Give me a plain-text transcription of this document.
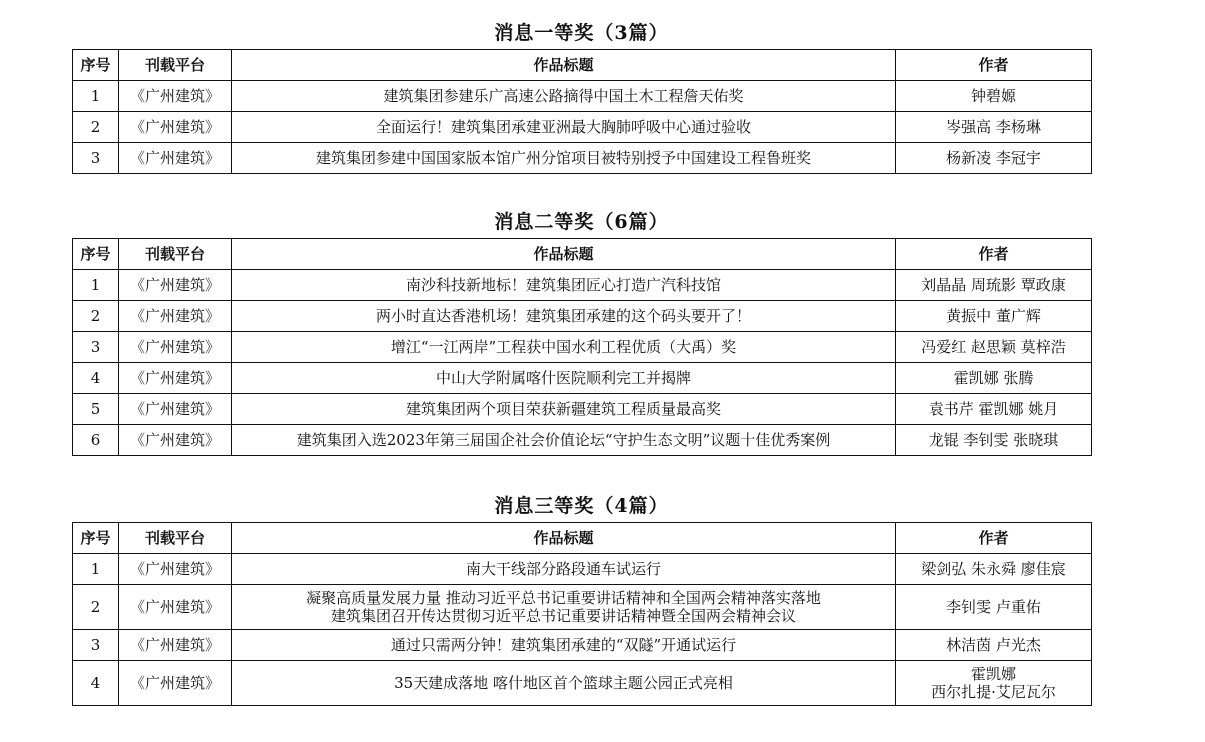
消息一等奖（3篇）
序号	刊载平台	作品标题	作者
1	《广州建筑》	建筑集团参建乐广高速公路摘得中国土木工程詹天佑奖	钟碧嫄
2	《广州建筑》	全面运行！建筑集团承建亚洲最大胸肺呼吸中心通过验收	岑强高 李杨琳
3	《广州建筑》	建筑集团参建中国国家版本馆广州分馆项目被特别授予中国建设工程鲁班奖	杨新凌 李冠宇
消息二等奖（6篇）
序号	刊载平台	作品标题	作者
1	《广州建筑》	南沙科技新地标！建筑集团匠心打造广汽科技馆	刘晶晶 周琉影 覃政康
2	《广州建筑》	两小时直达香港机场！建筑集团承建的这个码头要开了！	黄振中 董广辉
3	《广州建筑》	增江“一江两岸”工程获中国水利工程优质（大禹）奖	冯爱红 赵思颖 莫梓浩
4	《广州建筑》	中山大学附属喀什医院顺利完工并揭牌	霍凯娜 张腾
5	《广州建筑》	建筑集团两个项目荣获新疆建筑工程质量最高奖	袁书芹 霍凯娜 姚月
6	《广州建筑》	建筑集团入选2023年第三届国企社会价值论坛“守护生态文明”议题十佳优秀案例	龙锟 李钊雯 张晓琪
消息三等奖（4篇）
序号	刊载平台	作品标题	作者
1	《广州建筑》	南大干线部分路段通车试运行	梁剑弘 朱永舜 廖佳宸
2	《广州建筑》	凝聚高质量发展力量 推动习近平总书记重要讲话精神和全国两会精神落实落地
建筑集团召开传达贯彻习近平总书记重要讲话精神暨全国两会精神会议	李钊雯 卢重佑
3	《广州建筑》	通过只需两分钟！建筑集团承建的“双隧”开通试运行	林洁茵 卢光杰
4	《广州建筑》	35天建成落地 喀什地区首个篮球主题公园正式亮相	霍凯娜
西尔扎提·艾尼瓦尔
